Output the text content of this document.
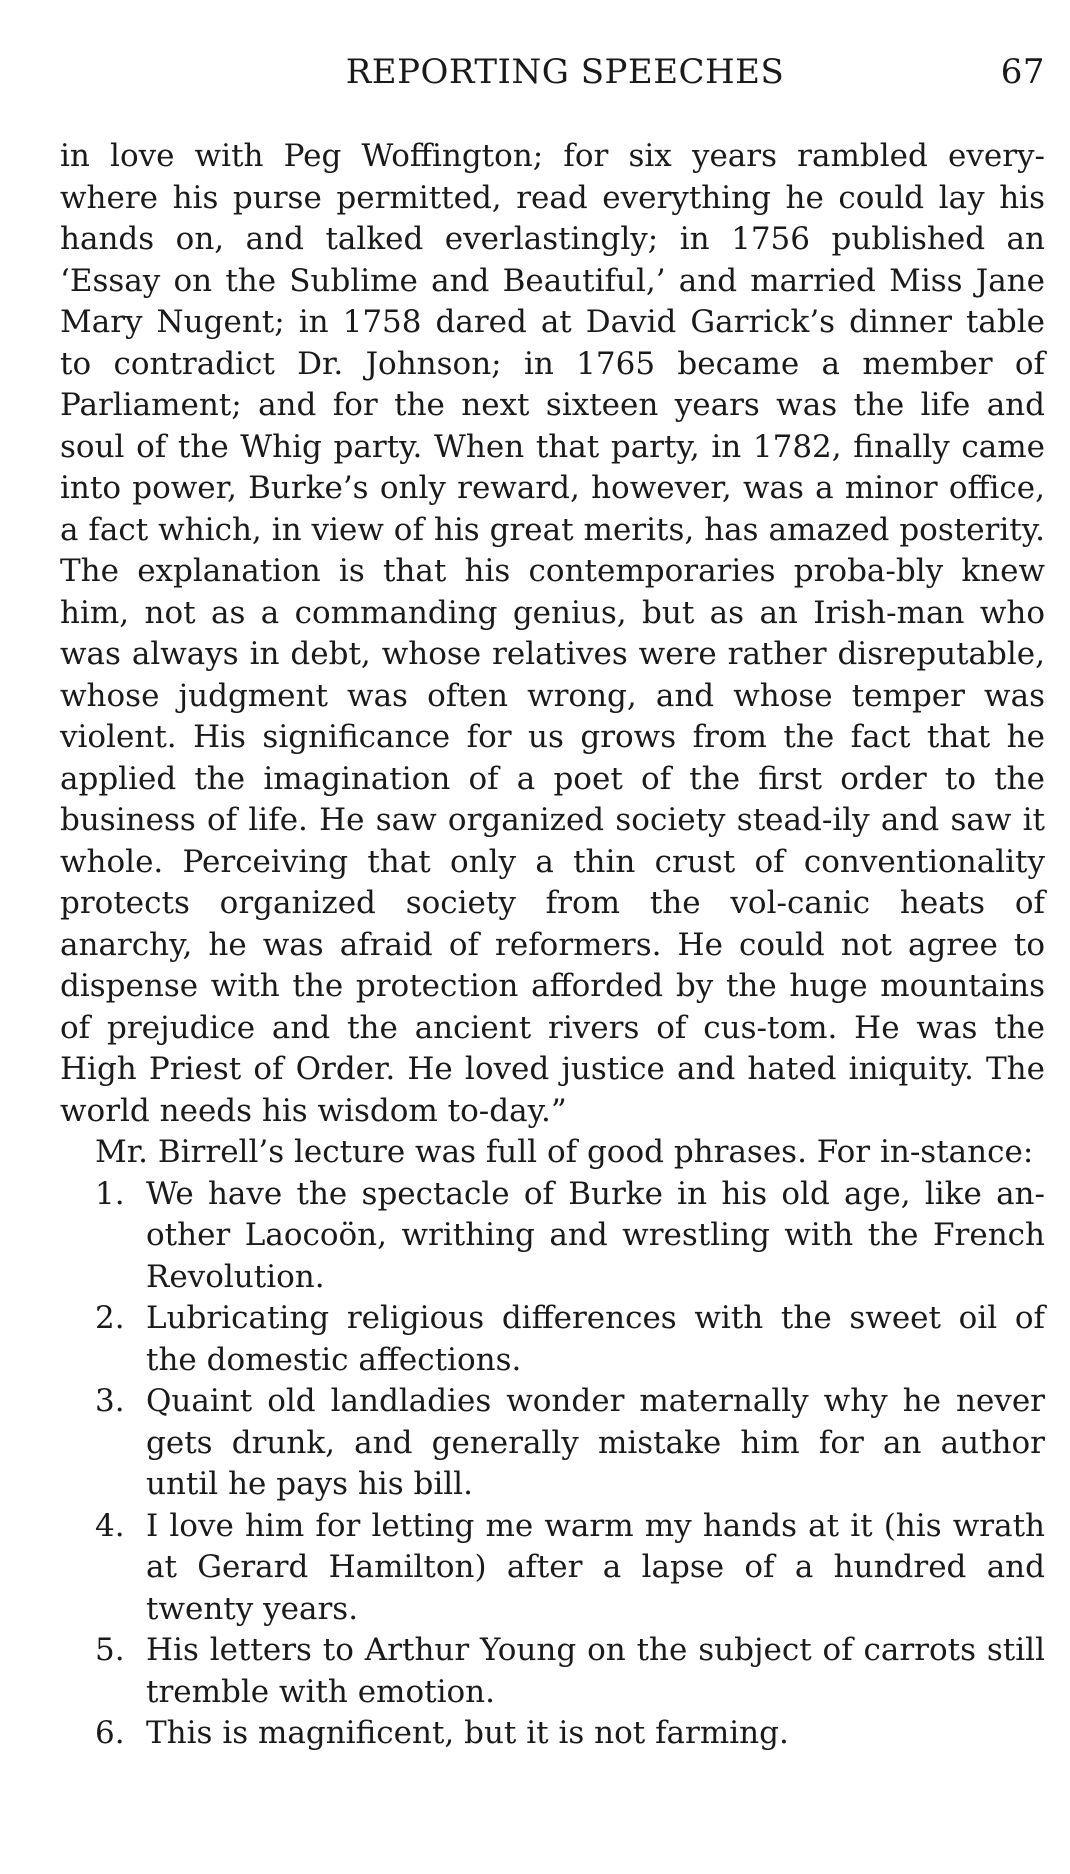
REPORTING SPEECHES	67

in love with Peg Woffington; for six years rambled every-where his purse permitted, read everything he could lay his hands on, and talked everlastingly; in 1756 published an ‘Essay on the Sublime and Beautiful,’ and married Miss Jane Mary Nugent; in 1758 dared at David Garrick’s dinner table to contradict Dr. Johnson; in 1765 became a member of Parliament; and for the next sixteen years was the life and soul of the Whig party. When that party, in 1782, finally came into power, Burke’s only reward, however, was a minor office, a fact which, in view of his great merits, has amazed posterity. The explanation is that his contemporaries proba-bly knew him, not as a commanding genius, but as an Irish-man who was always in debt, whose relatives were rather disreputable, whose judgment was often wrong, and whose temper was violent. His significance for us grows from the fact that he applied the imagination of a poet of the first order to the business of life. He saw organized society stead-ily and saw it whole. Perceiving that only a thin crust of conventionality protects organized society from the vol-canic heats of anarchy, he was afraid of reformers. He could not agree to dispense with the protection afforded by the huge mountains of prejudice and the ancient rivers of cus-tom. He was the High Priest of Order. He loved justice and hated iniquity. The world needs his wisdom to-day.”

Mr. Birrell’s lecture was full of good phrases. For in-stance:

1. We have the spectacle of Burke in his old age, like an-other Laocoön, writhing and wrestling with the French Revolution.
2. Lubricating religious differences with the sweet oil of the domestic affections.
3. Quaint old landladies wonder maternally why he never gets drunk, and generally mistake him for an author until he pays his bill.
4. I love him for letting me warm my hands at it (his wrath at Gerard Hamilton) after a lapse of a hundred and twenty years.
5. His letters to Arthur Young on the subject of carrots still tremble with emotion.
6. This is magnificent, but it is not farming.
